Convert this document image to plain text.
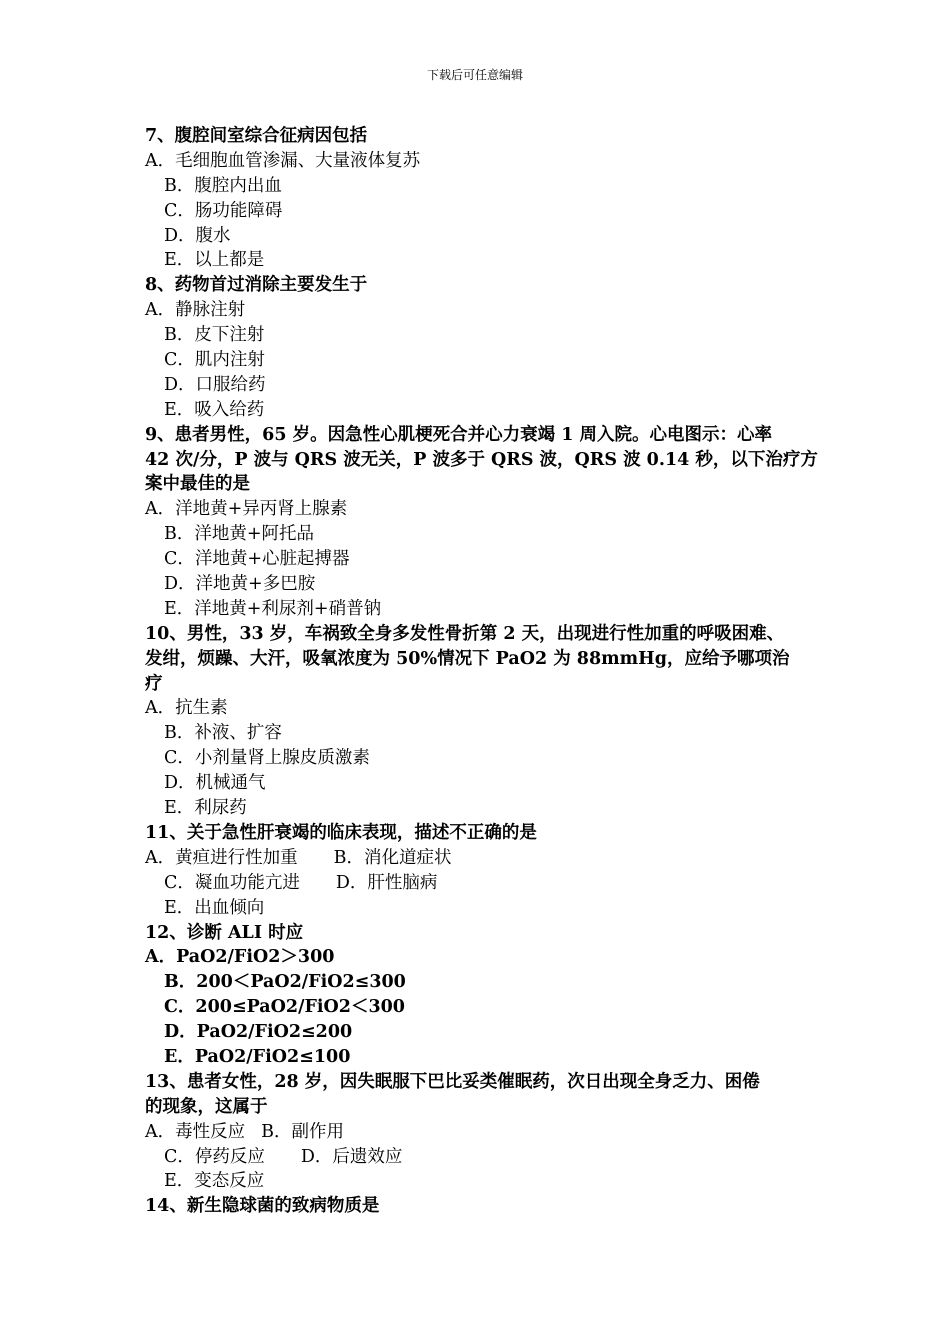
下载后可任意编辑
7、腹腔间室综合征病因包括
A．毛细胞血管渗漏、大量液体复苏
B．腹腔内出血
C．肠功能障碍
D．腹水
E．以上都是
8、药物首过消除主要发生于
A．静脉注射
B．皮下注射
C．肌内注射
D．口服给药
E．吸入给药
9、患者男性，65 岁。因急性心肌梗死合并心力衰竭 1 周入院。心电图示：心率
42 次/分，P 波与 QRS 波无关，P 波多于 QRS 波，QRS 波 0.14 秒，以下治疗方
案中最佳的是
A．洋地黄+异丙肾上腺素
B．洋地黄+阿托品
C．洋地黄+心脏起搏器
D．洋地黄+多巴胺
E．洋地黄+利尿剂+硝普钠
10、男性，33 岁，车祸致全身多发性骨折第 2 天，出现进行性加重的呼吸困难、
发绀，烦躁、大汗，吸氧浓度为 50%情况下 PaO2 为 88mmHg，应给予哪项治
疗
A．抗生素
B．补液、扩容
C．小剂量肾上腺皮质激素
D．机械通气
E．利尿药
11、关于急性肝衰竭的临床表现，描述不正确的是
A．黄疸进行性加重 B．消化道症状
C．凝血功能亢进 D．肝性脑病
E．出血倾向
12、诊断 ALI 时应
A．PaO2/FiO2＞300
B．200＜PaO2/FiO2≤300
C．200≤PaO2/FiO2＜300
D．PaO2/FiO2≤200
E．PaO2/FiO2≤100
13、患者女性，28 岁，因失眠服下巴比妥类催眠药，次日出现全身乏力、困倦
的现象，这属于
A．毒性反应 B．副作用
C．停药反应 D．后遗效应
E．变态反应
14、新生隐球菌的致病物质是
